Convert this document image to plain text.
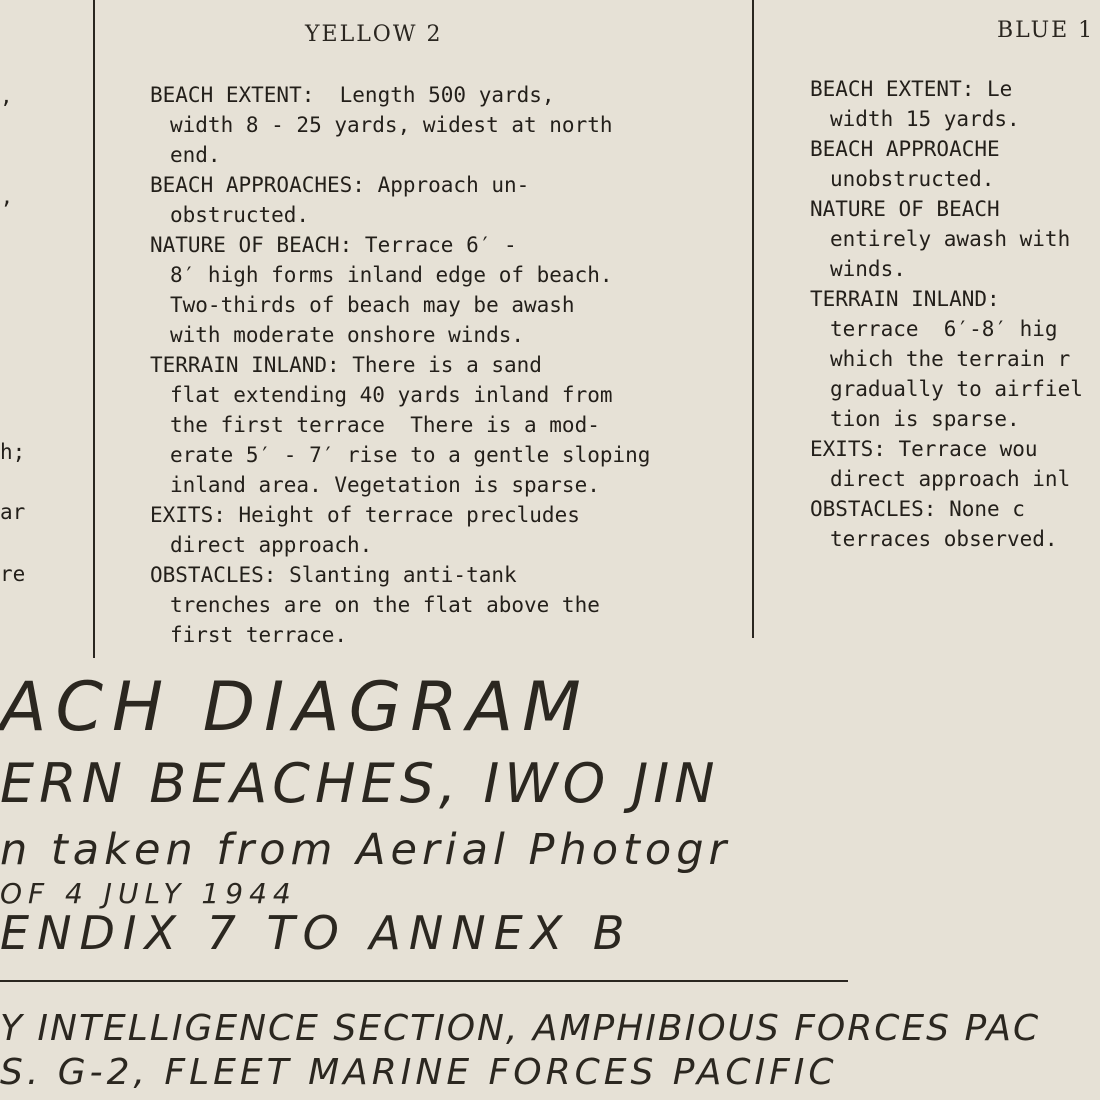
,
’
h;
ar
re
YELLOW 2
BEACH EXTENT:  Length 500 yards,
width 8 - 25 yards, widest at north
end.
BEACH APPROACHES: Approach un-
obstructed.
NATURE OF BEACH: Terrace 6′ -
8′ high forms inland edge of beach.
Two-thirds of beach may be awash
with moderate onshore winds.
TERRAIN INLAND: There is a sand
flat extending 40 yards inland from
the first terrace  There is a mod-
erate 5′ - 7′ rise to a gentle sloping
inland area. Vegetation is sparse.
EXITS: Height of terrace precludes
direct approach.
OBSTACLES: Slanting anti-tank
trenches are on the flat above the
first terrace.
BLUE 1
BEACH EXTENT: Le
width 15 yards.
BEACH APPROACHE
unobstructed.
NATURE OF BEACH
entirely awash with
winds.
TERRAIN INLAND:
terrace  6′-8′ hig
which the terrain r
gradually to airfiel
tion is sparse.
EXITS: Terrace wou
direct approach inl
OBSTACLES: None c
terraces observed.
ACH DIAGRAM
ERN BEACHES, IWO JIN
n taken from Aerial Photogr
OF 4 JULY 1944
ENDIX 7 TO ANNEX B
Y INTELLIGENCE SECTION, AMPHIBIOUS FORCES PAC
S. G-2, FLEET MARINE FORCES PACIFIC
